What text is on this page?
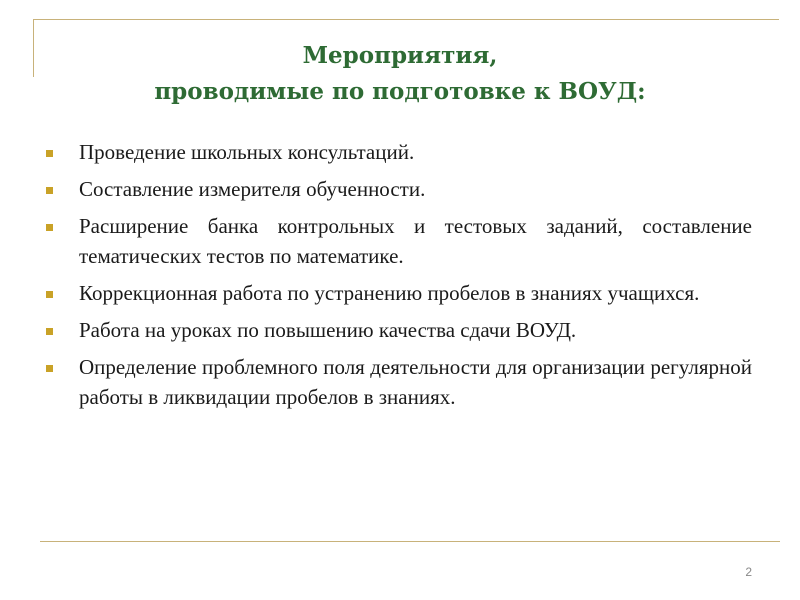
Мероприятия,
проводимые по подготовке к ВОУД:
Проведение школьных консультаций.
Составление измерителя обученности.
Расширение банка контрольных и тестовых заданий, составление тематических тестов по математике.
Коррекционная работа по устранению пробелов в знаниях учащихся.
Работа на уроках по повышению качества сдачи ВОУД.
Определение проблемного поля деятельности для организации регулярной работы в ликвидации пробелов в знаниях.
2
